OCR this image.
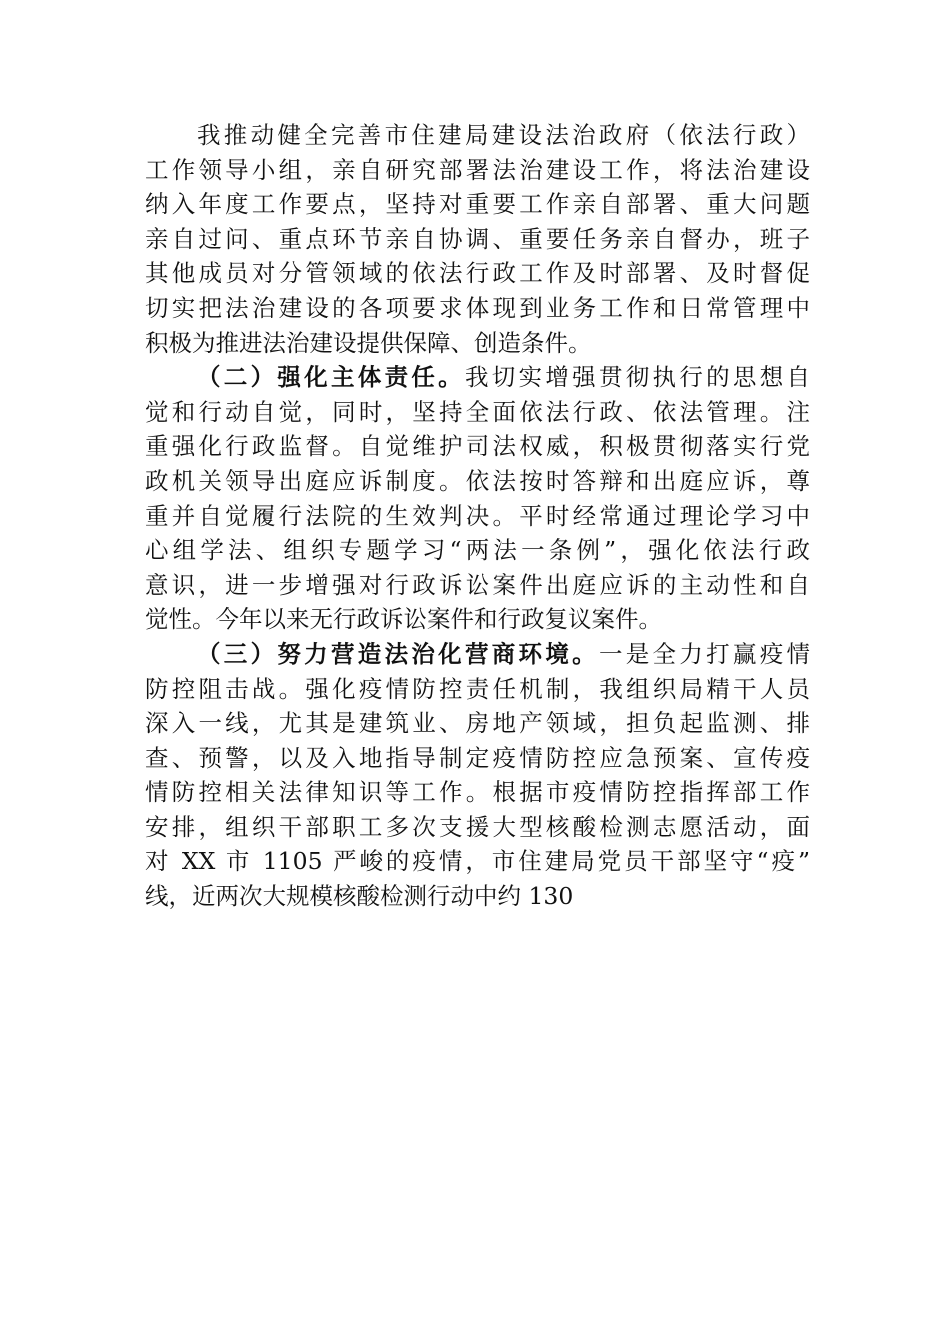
我推动健全完善市住建局建设法治政府（依法行政）
工作领导小组，亲自研究部署法治建设工作，将法治建设
纳入年度工作要点，坚持对重要工作亲自部署、重大问题
亲自过问、重点环节亲自协调、重要任务亲自督办，班子
其他成员对分管领域的依法行政工作及时部署、及时督促
切实把法治建设的各项要求体现到业务工作和日常管理中
积极为推进法治建设提供保障、创造条件。
（二）强化主体责任。我切实增强贯彻执行的思想自
觉和行动自觉，同时，坚持全面依法行政、依法管理。注
重强化行政监督。自觉维护司法权威，积极贯彻落实行党
政机关领导出庭应诉制度。依法按时答辩和出庭应诉，尊
重并自觉履行法院的生效判决。平时经常通过理论学习中
心组学法、组织专题学习“两法一条例”，强化依法行政
意识，进一步增强对行政诉讼案件出庭应诉的主动性和自
觉性。今年以来无行政诉讼案件和行政复议案件。
（三）努力营造法治化营商环境。一是全力打赢疫情
防控阻击战。强化疫情防控责任机制，我组织局精干人员
深入一线，尤其是建筑业、房地产领域，担负起监测、排
查、预警，以及入地指导制定疫情防控应急预案、宣传疫
情防控相关法律知识等工作。根据市疫情防控指挥部工作
安排，组织干部职工多次支援大型核酸检测志愿活动，面
对 XX 市 1105 严峻的疫情，市住建局党员干部坚守“疫”
线，近两次大规模核酸检测行动中约 130
